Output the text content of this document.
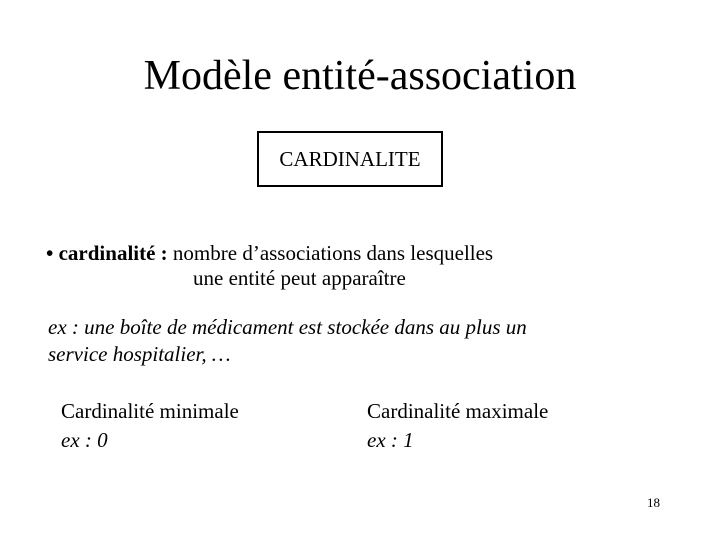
Modèle entité-association
CARDINALITE
• cardinalité : nombre d’associations dans lesquelles
une entité peut apparaître
ex : une boîte de médicament est stockée dans au plus un
service hospitalier, …
Cardinalité minimale
ex : 0
Cardinalité maximale
ex : 1
18
